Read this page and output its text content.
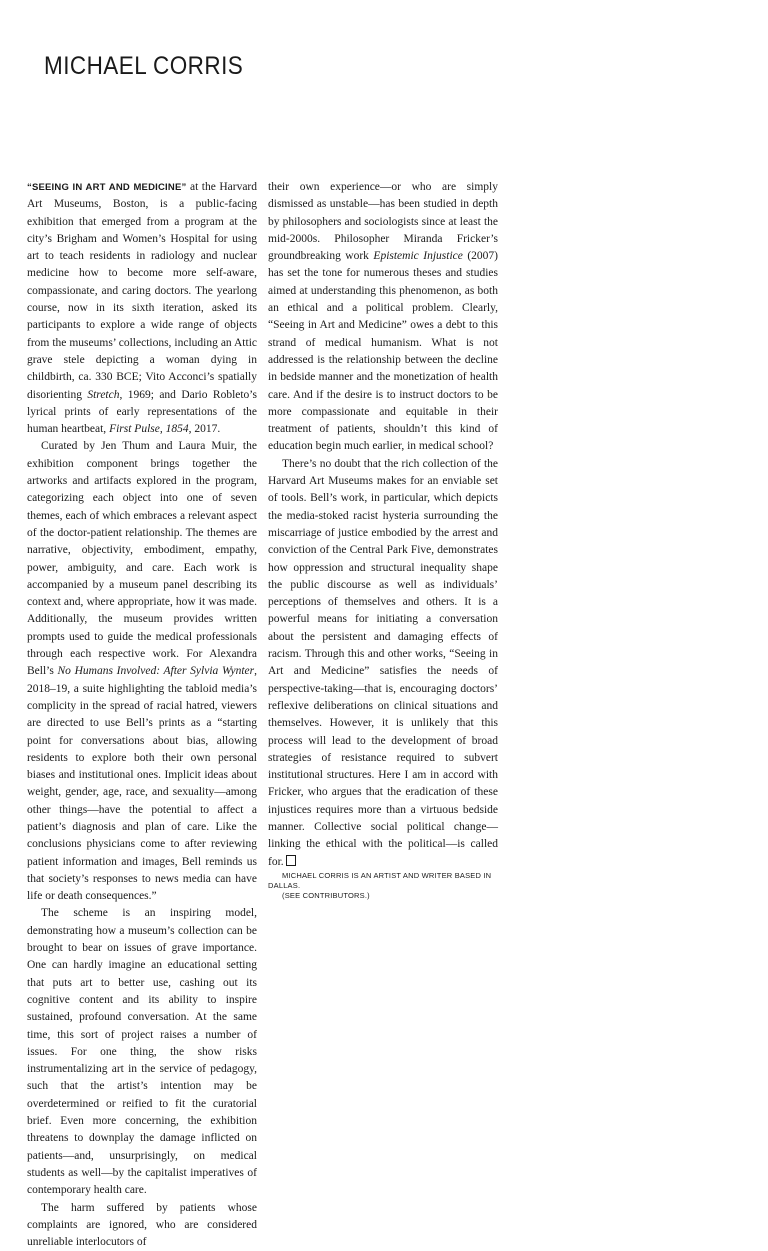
MICHAEL CORRIS

“SEEING IN ART AND MEDICINE” at the Harvard Art Museums, Boston, is a public-facing exhibition that emerged from a program at the city’s Brigham and Women’s Hospital for using art to teach residents in radiology and nuclear medicine how to become more self-aware, compassionate, and caring doctors. The yearlong course, now in its sixth iteration, asked its participants to explore a wide range of objects from the museums’ collections, including an Attic grave stele depicting a woman dying in childbirth, ca. 330 BCE; Vito Acconci’s spatially disorienting Stretch, 1969; and Dario Robleto’s lyrical prints of early representations of the human heartbeat, First Pulse, 1854, 2017.

Curated by Jen Thum and Laura Muir, the exhibition component brings together the artworks and artifacts explored in the program, categorizing each object into one of seven themes, each of which embraces a relevant aspect of the doctor-patient relationship. The themes are narrative, objectivity, embodiment, empathy, power, ambiguity, and care. Each work is accompanied by a museum panel describing its context and, where appropriate, how it was made. Additionally, the museum provides written prompts used to guide the medical professionals through each respective work. For Alexandra Bell’s No Humans Involved: After Sylvia Wynter, 2018–19, a suite highlighting the tabloid media’s complicity in the spread of racial hatred, viewers are directed to use Bell’s prints as a “starting point for conversations about bias, allowing residents to explore both their own personal biases and institutional ones. Implicit ideas about weight, gender, age, race, and sexuality—among other things—have the potential to affect a patient’s diagnosis and plan of care. Like the conclusions physicians come to after reviewing patient information and images, Bell reminds us that society’s responses to news media can have life or death consequences.”

The scheme is an inspiring model, demonstrating how a museum’s collection can be brought to bear on issues of grave importance. One can hardly imagine an educational setting that puts art to better use, cashing out its cognitive content and its ability to inspire sustained, profound conversation. At the same time, this sort of project raises a number of issues. For one thing, the show risks instrumentalizing art in the service of pedagogy, such that the artist’s intention may be overdetermined or reified to fit the curatorial brief. Even more concerning, the exhibition threatens to downplay the damage inflicted on patients—and, unsurprisingly, on medical students as well—by the capitalist imperatives of contemporary health care.

The harm suffered by patients whose complaints are ignored, who are considered unreliable interlocutors of

their own experience—or who are simply dismissed as unstable—has been studied in depth by philosophers and sociologists since at least the mid-2000s. Philosopher Miranda Fricker’s groundbreaking work Epistemic Injustice (2007) has set the tone for numerous theses and studies aimed at understanding this phenomenon, as both an ethical and a political problem. Clearly, “Seeing in Art and Medicine” owes a debt to this strand of medical humanism. What is not addressed is the relationship between the decline in bedside manner and the monetization of health care. And if the desire is to instruct doctors to be more compassionate and equitable in their treatment of patients, shouldn’t this kind of education begin much earlier, in medical school?

There’s no doubt that the rich collection of the Harvard Art Museums makes for an enviable set of tools. Bell’s work, in particular, which depicts the media-stoked racist hysteria surrounding the miscarriage of justice embodied by the arrest and conviction of the Central Park Five, demonstrates how oppression and structural inequality shape the public discourse as well as individuals’ perceptions of themselves and others. It is a powerful means for initiating a conversation about the persistent and damaging effects of racism. Through this and other works, “Seeing in Art and Medicine” satisfies the needs of perspective-taking—that is, encouraging doctors’ reflexive deliberations on clinical situations and themselves. However, it is unlikely that this process will lead to the development of broad strategies of resistance required to subvert institutional structures. Here I am in accord with Fricker, who argues that the eradication of these injustices requires more than a virtuous bedside manner. Collective social political change—linking the ethical with the political—is called for.

MICHAEL CORRIS IS AN ARTIST AND WRITER BASED IN DALLAS.
(SEE CONTRIBUTORS.)
